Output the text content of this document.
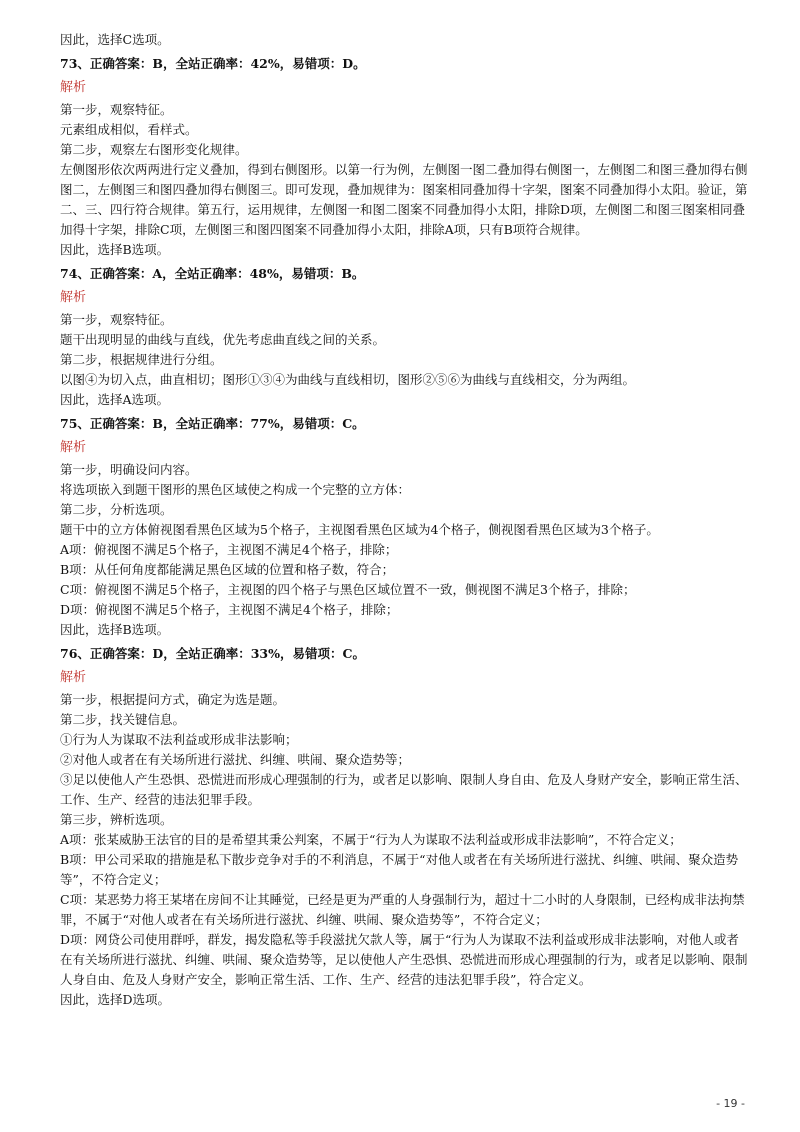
因此，选择C选项。

73、正确答案：B，全站正确率：42%，易错项：D。

解析

第一步，观察特征。

元素组成相似，看样式。

第二步，观察左右图形变化规律。

左侧图形依次两两进行定义叠加，得到右侧图形。以第一行为例，左侧图一图二叠加得右侧图一，左侧图二和图三叠加得右侧图二，左侧图三和图四叠加得右侧图三。即可发现，叠加规律为：图案相同叠加得十字架，图案不同叠加得小太阳。验证，第二、三、四行符合规律。第五行，运用规律，左侧图一和图二图案不同叠加得小太阳，排除D项，左侧图二和图三图案相同叠加得十字架，排除C项，左侧图三和图四图案不同叠加得小太阳，排除A项，只有B项符合规律。

因此，选择B选项。

74、正确答案：A，全站正确率：48%，易错项：B。

解析

第一步，观察特征。

题干出现明显的曲线与直线，优先考虑曲直线之间的关系。

第二步，根据规律进行分组。

以图④为切入点，曲直相切；图形①③④为曲线与直线相切，图形②⑤⑥为曲线与直线相交，分为两组。

因此，选择A选项。

75、正确答案：B，全站正确率：77%，易错项：C。

解析

第一步，明确设问内容。

将选项嵌入到题干图形的黑色区域使之构成一个完整的立方体：

第二步，分析选项。

题干中的立方体俯视图看黑色区域为5个格子，主视图看黑色区域为4个格子，侧视图看黑色区域为3个格子。

A项：俯视图不满足5个格子，主视图不满足4个格子，排除；

B项：从任何角度都能满足黑色区域的位置和格子数，符合；

C项：俯视图不满足5个格子，主视图的四个格子与黑色区域位置不一致，侧视图不满足3个格子，排除；

D项：俯视图不满足5个格子，主视图不满足4个格子，排除；

因此，选择B选项。

76、正确答案：D，全站正确率：33%，易错项：C。

解析

第一步，根据提问方式，确定为选是题。

第二步，找关键信息。

①行为人为谋取不法利益或形成非法影响；

②对他人或者在有关场所进行滋扰、纠缠、哄闹、聚众造势等；

③足以使他人产生恐惧、恐慌进而形成心理强制的行为，或者足以影响、限制人身自由、危及人身财产安全，影响正常生活、工作、生产、经营的违法犯罪手段。

第三步，辨析选项。

A项：张某威胁王法官的目的是希望其秉公判案，不属于“行为人为谋取不法利益或形成非法影响”，不符合定义；

B项：甲公司采取的措施是私下散步竞争对手的不利消息，不属于“对他人或者在有关场所进行滋扰、纠缠、哄闹、聚众造势等”，不符合定义；

C项：某恶势力将王某堵在房间不让其睡觉，已经是更为严重的人身强制行为，超过十二小时的人身限制，已经构成非法拘禁罪，不属于“对他人或者在有关场所进行滋扰、纠缠、哄闹、聚众造势等”，不符合定义；

D项：网贷公司使用群呼，群发，揭发隐私等手段滋扰欠款人等，属于“行为人为谋取不法利益或形成非法影响，对他人或者在有关场所进行滋扰、纠缠、哄闹、聚众造势等，足以使他人产生恐惧、恐慌进而形成心理强制的行为，或者足以影响、限制人身自由、危及人身财产安全，影响正常生活、工作、生产、经营的违法犯罪手段”，符合定义。

因此，选择D选项。

- 19 -
